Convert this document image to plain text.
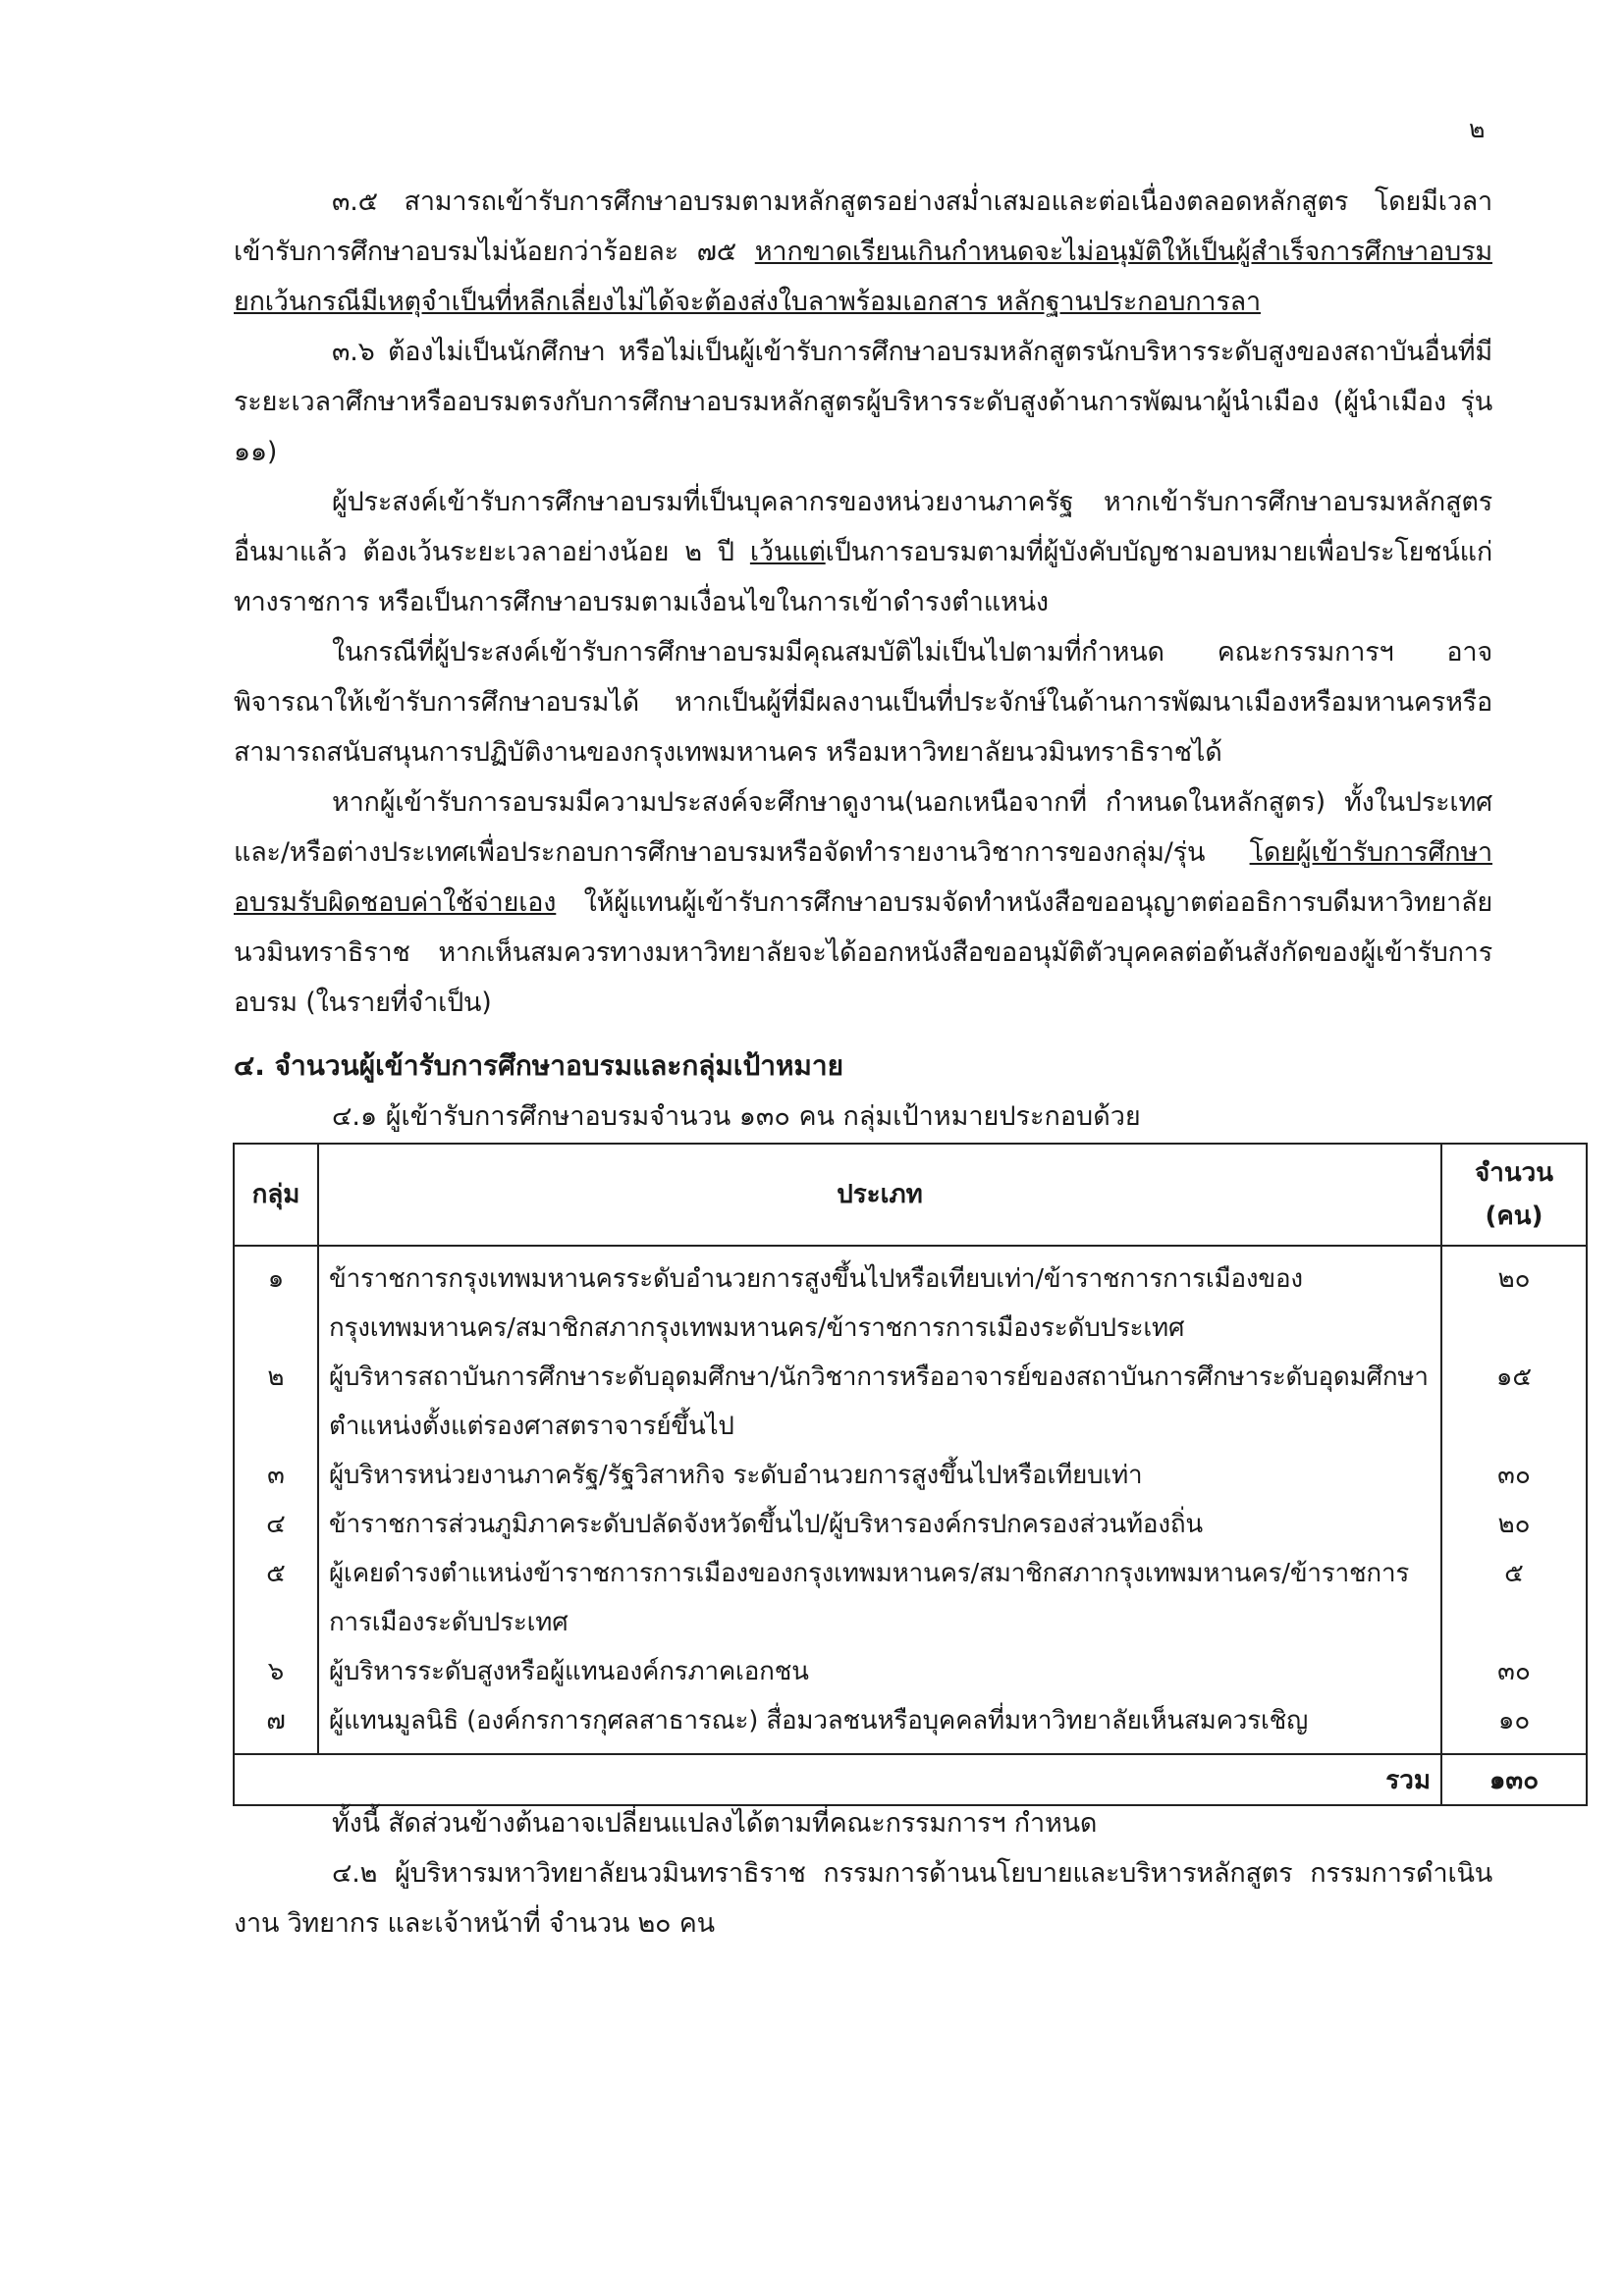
๒

๓.๕ สามารถเข้ารับการศึกษาอบรมตามหลักสูตรอย่างสม่ำเสมอและต่อเนื่องตลอดหลักสูตร โดยมีเวลาเข้ารับการศึกษาอบรมไม่น้อยกว่าร้อยละ ๗๕ หากขาดเรียนเกินกำหนดจะไม่อนุมัติให้เป็นผู้สำเร็จการศึกษาอบรม ยกเว้นกรณีมีเหตุจำเป็นที่หลีกเลี่ยงไม่ได้จะต้องส่งใบลาพร้อมเอกสาร หลักฐานประกอบการลา

๓.๖ ต้องไม่เป็นนักศึกษา หรือไม่เป็นผู้เข้ารับการศึกษาอบรมหลักสูตรนักบริหารระดับสูงของสถาบันอื่นที่มีระยะเวลาศึกษาหรืออบรมตรงกับการศึกษาอบรมหลักสูตรผู้บริหารระดับสูงด้านการพัฒนาผู้นำเมือง (ผู้นำเมือง รุ่น ๑๑)

ผู้ประสงค์เข้ารับการศึกษาอบรมที่เป็นบุคลากรของหน่วยงานภาครัฐ หากเข้ารับการศึกษาอบรมหลักสูตรอื่นมาแล้ว ต้องเว้นระยะเวลาอย่างน้อย ๒ ปี เว้นแต่เป็นการอบรมตามที่ผู้บังคับบัญชามอบหมายเพื่อประโยชน์แก่ทางราชการ หรือเป็นการศึกษาอบรมตามเงื่อนไขในการเข้าดำรงตำแหน่ง

ในกรณีที่ผู้ประสงค์เข้ารับการศึกษาอบรมมีคุณสมบัติไม่เป็นไปตามที่กำหนด คณะกรรมการฯ อาจพิจารณาให้เข้ารับการศึกษาอบรมได้ หากเป็นผู้ที่มีผลงานเป็นที่ประจักษ์ในด้านการพัฒนาเมืองหรือมหานครหรือสามารถสนับสนุนการปฏิบัติงานของกรุงเทพมหานคร หรือมหาวิทยาลัยนวมินทราธิราชได้

หากผู้เข้ารับการอบรมมีความประสงค์จะศึกษาดูงาน(นอกเหนือจากที่ กำหนดในหลักสูตร) ทั้งในประเทศและ/หรือต่างประเทศเพื่อประกอบการศึกษาอบรมหรือจัดทำรายงานวิชาการของกลุ่ม/รุ่น โดยผู้เข้ารับการศึกษาอบรมรับผิดชอบค่าใช้จ่ายเอง ให้ผู้แทนผู้เข้ารับการศึกษาอบรมจัดทำหนังสือขออนุญาตต่ออธิการบดีมหาวิทยาลัยนวมินทราธิราช หากเห็นสมควรทางมหาวิทยาลัยจะได้ออกหนังสือขออนุมัติตัวบุคคลต่อต้นสังกัดของผู้เข้ารับการอบรม (ในรายที่จำเป็น)

๔. จำนวนผู้เข้ารับการศึกษาอบรมและกลุ่มเป้าหมาย

๔.๑ ผู้เข้ารับการศึกษาอบรมจำนวน ๑๓๐ คน กลุ่มเป้าหมายประกอบด้วย

กลุ่ม	ประเภท	จำนวน
(คน)
๑	ข้าราชการกรุงเทพมหานครระดับอำนวยการสูงขึ้นไปหรือเทียบเท่า/ข้าราชการการเมืองของกรุงเทพมหานคร/สมาชิกสภากรุงเทพมหานคร/ข้าราชการการเมืองระดับประเทศ	๒๐
๒	ผู้บริหารสถาบันการศึกษาระดับอุดมศึกษา/นักวิชาการหรืออาจารย์ของสถาบันการศึกษาระดับอุดมศึกษาตำแหน่งตั้งแต่รองศาสตราจารย์ขึ้นไป	๑๕
๓	ผู้บริหารหน่วยงานภาครัฐ/รัฐวิสาหกิจ ระดับอำนวยการสูงขึ้นไปหรือเทียบเท่า	๓๐
๔	ข้าราชการส่วนภูมิภาคระดับปลัดจังหวัดขึ้นไป/ผู้บริหารองค์กรปกครองส่วนท้องถิ่น	๒๐
๕	ผู้เคยดำรงตำแหน่งข้าราชการการเมืองของกรุงเทพมหานคร/สมาชิกสภากรุงเทพมหานคร/ข้าราชการการเมืองระดับประเทศ	๕
๖	ผู้บริหารระดับสูงหรือผู้แทนองค์กรภาคเอกชน	๓๐
๗	ผู้แทนมูลนิธิ (องค์กรการกุศลสาธารณะ) สื่อมวลชนหรือบุคคลที่มหาวิทยาลัยเห็นสมควรเชิญ	๑๐
รวม		๑๓๐

ทั้งนี้ สัดส่วนข้างต้นอาจเปลี่ยนแปลงได้ตามที่คณะกรรมการฯ กำหนด

๔.๒ ผู้บริหารมหาวิทยาลัยนวมินทราธิราช กรรมการด้านนโยบายและบริหารหลักสูตร กรรมการดำเนินงาน วิทยากร และเจ้าหน้าที่ จำนวน ๒๐ คน
